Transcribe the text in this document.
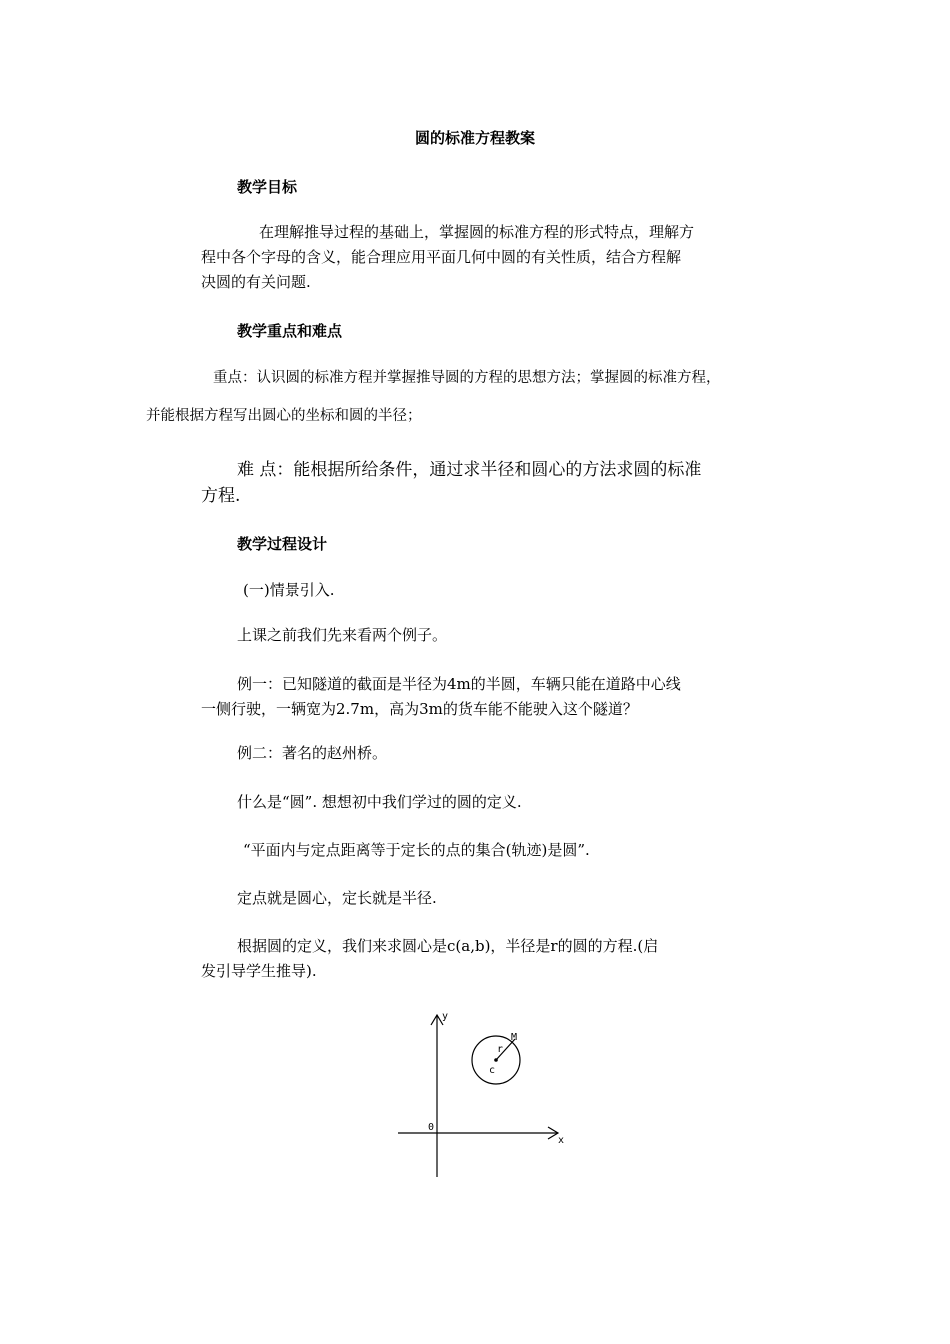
圆的标准方程教案
教学目标
在理解推导过程的基础上，掌握圆的标准方程的形式特点，理解方
程中各个字母的含义，能合理应用平面几何中圆的有关性质，结合方程解
决圆的有关问题.
教学重点和难点
重点：认识圆的标准方程并掌握推导圆的方程的思想方法；掌握圆的标准方程，
并能根据方程写出圆心的坐标和圆的半径；
难 点：能根据所给条件，通过求半径和圆心的方法求圆的标准
方程.
教学过程设计
(一)情景引入.
上课之前我们先来看两个例子。
例一：已知隧道的截面是半径为4m的半圆，车辆只能在道路中心线
一侧行驶，一辆宽为2.7m，高为3m的货车能不能驶入这个隧道？
例二：著名的赵州桥。
什么是“圆”. 想想初中我们学过的圆的定义.
“平面内与定点距离等于定长的点的集合(轨迹)是圆”.
定点就是圆心，定长就是半径.
根据圆的定义，我们来求圆心是c(a,b)，半径是r的圆的方程.(启
发引导学生推导).
y
x
0
r
M
c
